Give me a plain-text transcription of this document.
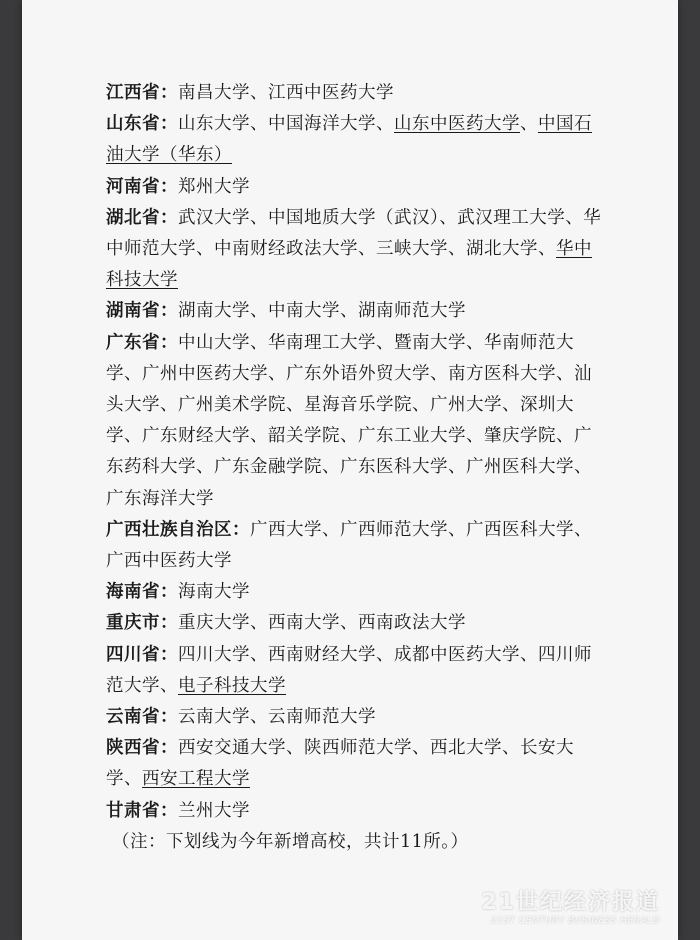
江西省：南昌大学、江西中医药大学

山东省：山东大学、中国海洋大学、山东中医药大学、中国石油大学（华东）

河南省：郑州大学

湖北省：武汉大学、中国地质大学（武汉）、武汉理工大学、华中师范大学、中南财经政法大学、三峡大学、湖北大学、华中科技大学

湖南省：湖南大学、中南大学、湖南师范大学

广东省：中山大学、华南理工大学、暨南大学、华南师范大学、广州中医药大学、广东外语外贸大学、南方医科大学、汕头大学、广州美术学院、星海音乐学院、广州大学、深圳大学、广东财经大学、韶关学院、广东工业大学、肇庆学院、广东药科大学、广东金融学院、广东医科大学、广州医科大学、广东海洋大学

广西壮族自治区：广西大学、广西师范大学、广西医科大学、广西中医药大学

海南省：海南大学

重庆市：重庆大学、西南大学、西南政法大学

四川省：四川大学、西南财经大学、成都中医药大学、四川师范大学、电子科技大学

云南省：云南大学、云南师范大学

陕西省：西安交通大学、陕西师范大学、西北大学、长安大学、西安工程大学

甘肃省：兰州大学

（注：下划线为今年新增高校，共计11所。）

21世纪经济报道
21ST CENTURY BUSINESS HERALD
